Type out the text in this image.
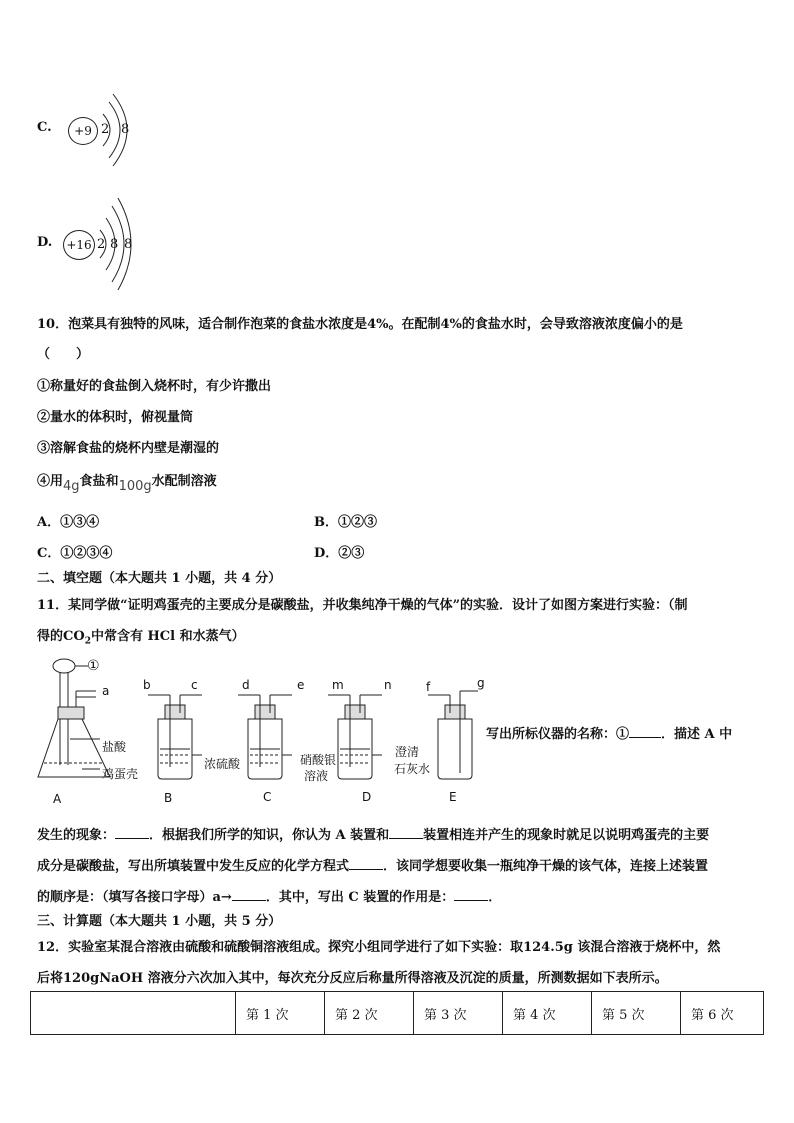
C.	+9 2 8
D. +16 2 8 8
10．泡菜具有独特的风味，适合制作泡菜的食盐水浓度是4%。在配制4%的食盐水时，会导致溶液浓度偏小的是
（　　）
①称量好的食盐倒入烧杯时，有少许撒出
②量水的体积时，俯视量筒
③溶解食盐的烧杯内壁是潮湿的
④用4g食盐和100g水配制溶液
A．①③④	B．①②③
C．①②③④	D．②③
二、填空题（本大题共 1 小题，共 4 分）
11．某同学做“证明鸡蛋壳的主要成分是碳酸盐，并收集纯净干燥的气体”的实验．设计了如图方案进行实验：（制
得的$CO_2$中常含有 HCl 和水蒸气）
①
a	b	c	d	e m	n	f	g
盐酸
鸡蛋壳
浓硫酸	硝酸银
溶液
澄清
石灰水
A	B	C	D	E
写出所标仪器的名称：① ．描述 A 中
发生的现象：	．根据我们所学的知识，你认为 A 装置和	装置相连并产生的现象时就足以说明鸡蛋壳的主要
成分是碳酸盐，写出所填装置中发生反应的化学方程式	．该同学想要收集一瓶纯净干燥的该气体，连接上述装置
的顺序是：（填写各接口字母）a→	．其中，写出 C 装置的作用是：	．
三、计算题（本大题共 1 小题，共 5 分）
12．实验室某混合溶液由硫酸和硫酸铜溶液组成。探究小组同学进行了如下实验：取124.5g 该混合溶液于烧杯中，然
后将120gNaOH 溶液分六次加入其中，每次充分反应后称量所得溶液及沉淀的质量，所测数据如下表所示。
	第 1 次	第 2 次	第 3 次	第 4 次	第 5 次	第 6 次
